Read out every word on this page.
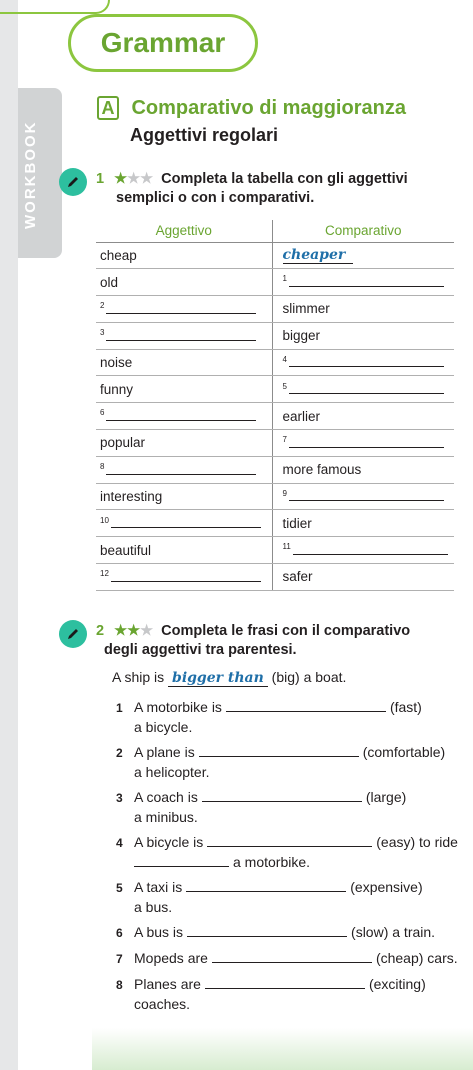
WORKBOOK
Grammar
A Comparativo di maggioranza
Aggettivi regolari
1 ★★★ Completa la tabella con gli aggettivi
semplici o con i comparativi.
Aggettivo	Comparativo
cheap	cheaper
old	$^1$
$^2$	slimmer
$^3$	bigger
noise	$^4$
funny	$^5$
$^6$	earlier
popular	$^7$
$^8$	more famous
interesting	$^9$
$^{10}$	tidier
beautiful	$^{11}$
$^{12}$	safer
2 ★★★ Completa le frasi con il comparativo
degli aggettivi tra parentesi.
A ship is bigger than (big) a boat.
1 A motorbike is	(fast)
a bicycle.
2 A plane is	(comfortable)
a helicopter.
3 A coach is	(large)
a minibus.
4 A bicycle is	(easy) to ride
a motorbike.
5 A taxi is	(expensive)
a bus.
6 A bus is	(slow) a train.
7 Mopeds are	(cheap) cars.
8 Planes are	(exciting)
coaches.
